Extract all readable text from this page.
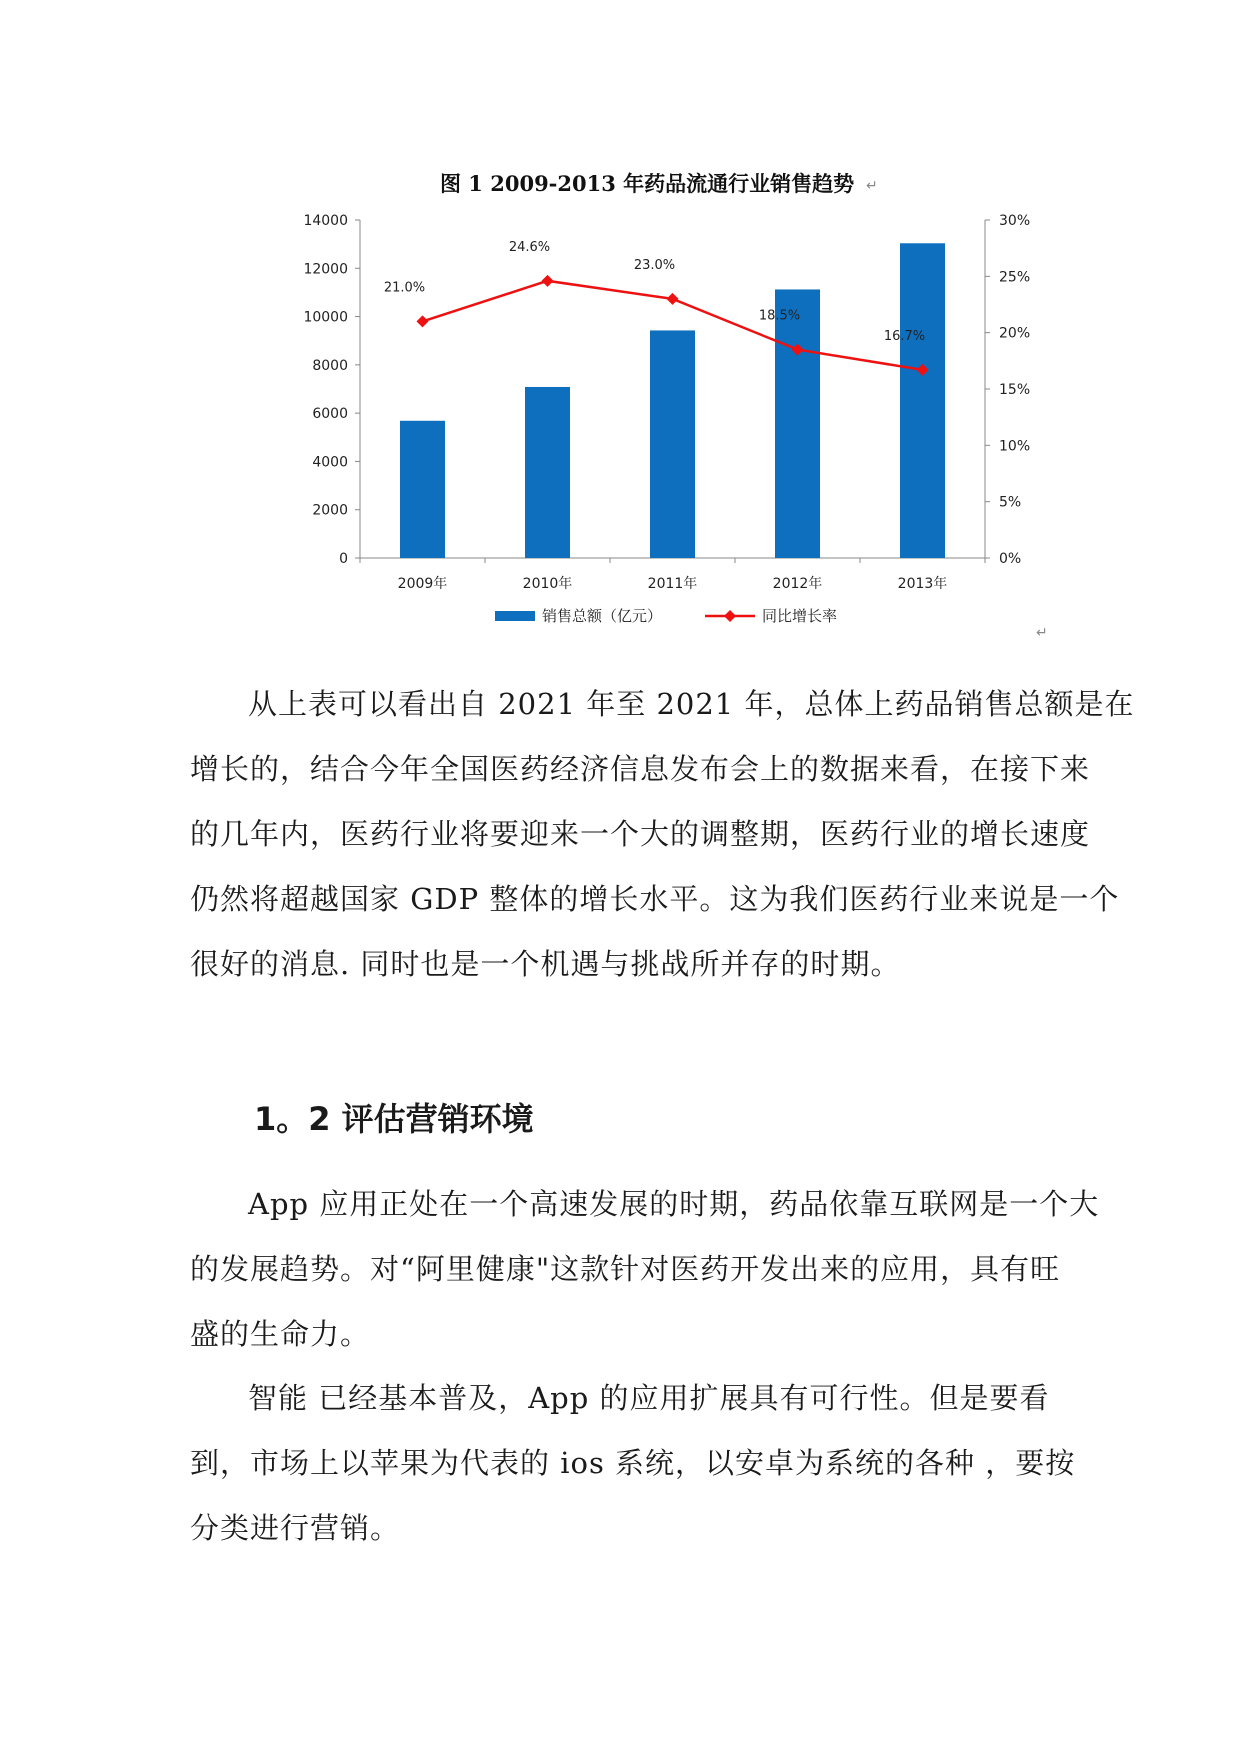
图 1 2009-2013 年药品流通行业销售趋势 ↵
0
2000
4000
6000
8000
10000
12000
14000
0%
5%
10%
15%
20%
25%
30%
2009年	2010年	2011年	2012年	2013年
21.0%
24.6%
23.0%
18.5%
16.7%
销售总额（亿元）	同比增长率
↵

从上表可以看出自 2021 年至 2021 年，总体上药品销售总额是在
增长的，结合今年全国医药经济信息发布会上的数据来看，在接下来
的几年内，医药行业将要迎来一个大的调整期，医药行业的增长速度
仍然将超越国家 GDP 整体的增长水平。这为我们医药行业来说是一个
很好的消息. 同时也是一个机遇与挑战所并存的时期。

1。2 评估营销环境

App 应用正处在一个高速发展的时期，药品依靠互联网是一个大
的发展趋势。对“阿里健康"这款针对医药开发出来的应用，具有旺
盛的生命力。

智能 已经基本普及，App 的应用扩展具有可行性。但是要看
到，市场上以苹果为代表的 ios 系统，以安卓为系统的各种 ，要按
分类进行营销。
